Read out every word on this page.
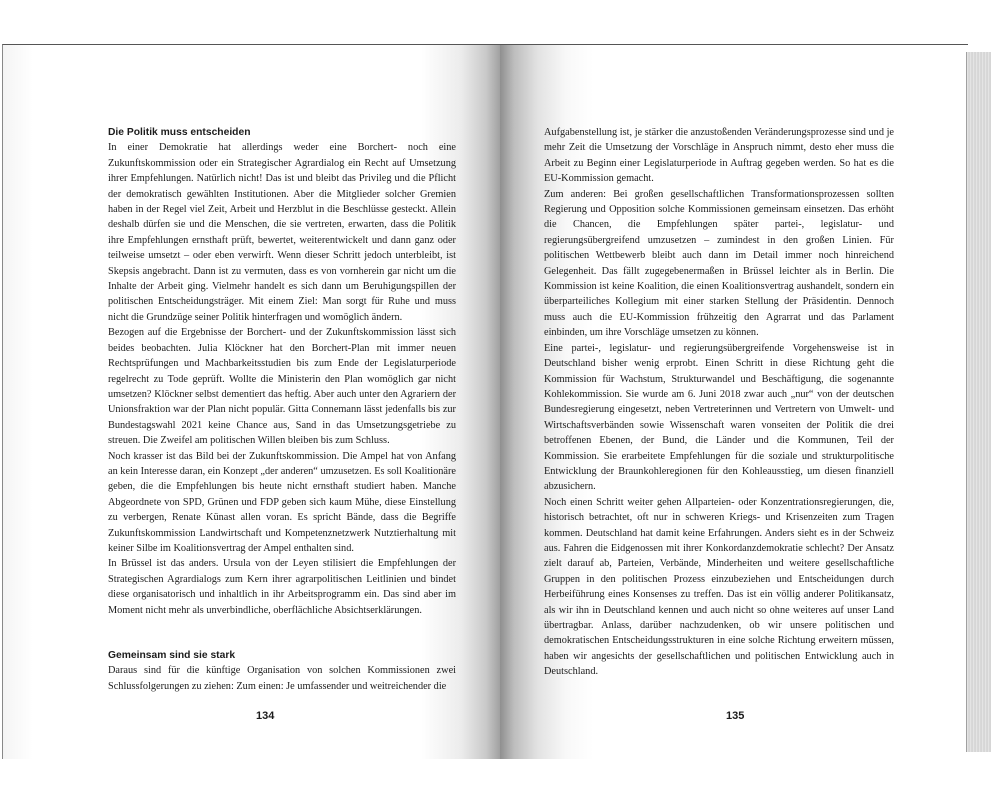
Die Politik muss entscheiden

In einer Demokratie hat allerdings weder eine Borchert- noch eine Zukunftskommission oder ein Strategischer Agrardialog ein Recht auf Umsetzung ihrer Empfehlungen. Natürlich nicht! Das ist und bleibt das Privileg und die Pflicht der demokratisch gewählten Institutionen. Aber die Mitglieder solcher Gremien haben in der Regel viel Zeit, Arbeit und Herzblut in die Beschlüsse gesteckt. Allein deshalb dürfen sie und die Menschen, die sie vertreten, erwarten, dass die Politik ihre Empfehlungen ernsthaft prüft, bewertet, weiterentwickelt und dann ganz oder teilweise umsetzt – oder eben verwirft. Wenn dieser Schritt jedoch unterbleibt, ist Skepsis angebracht. Dann ist zu vermuten, dass es von vornherein gar nicht um die Inhalte der Arbeit ging. Vielmehr handelt es sich dann um Beruhigungspillen der politischen Entscheidungsträger. Mit einem Ziel: Man sorgt für Ruhe und muss nicht die Grundzüge seiner Politik hinterfragen und womöglich ändern.

Bezogen auf die Ergebnisse der Borchert- und der Zukunftskommission lässt sich beides beobachten. Julia Klöckner hat den Borchert-Plan mit immer neuen Rechtsprüfungen und Machbarkeitsstudien bis zum Ende der Legislaturperiode regelrecht zu Tode geprüft. Wollte die Ministerin den Plan womöglich gar nicht umsetzen? Klöckner selbst dementiert das heftig. Aber auch unter den Agrariern der Unionsfraktion war der Plan nicht populär. Gitta Connemann lässt jedenfalls bis zur Bundestagswahl 2021 keine Chance aus, Sand in das Umsetzungsgetriebe zu streuen. Die Zweifel am politischen Willen bleiben bis zum Schluss.

Noch krasser ist das Bild bei der Zukunftskommission. Die Ampel hat von Anfang an kein Interesse daran, ein Konzept „der anderen“ umzusetzen. Es soll Koalitionäre geben, die die Empfehlungen bis heute nicht ernsthaft studiert haben. Manche Abgeordnete von SPD, Grünen und FDP geben sich kaum Mühe, diese Einstellung zu verbergen, Renate Künast allen voran. Es spricht Bände, dass die Begriffe Zukunftskommission Landwirtschaft und Kompetenznetzwerk Nutztierhaltung mit keiner Silbe im Koalitionsvertrag der Ampel enthalten sind.

In Brüssel ist das anders. Ursula von der Leyen stilisiert die Empfehlungen der Strategischen Agrardialogs zum Kern ihrer agrarpolitischen Leitlinien und bindet diese organisatorisch und inhaltlich in ihr Arbeitsprogramm ein. Das sind aber im Moment nicht mehr als unverbindliche, oberflächliche Absichtserklärungen.

Gemeinsam sind sie stark

Daraus sind für die künftige Organisation von solchen Kommissionen zwei Schlussfolgerungen zu ziehen: Zum einen: Je umfassender und weitreichender die

Aufgabenstellung ist, je stärker die anzustoßenden Veränderungsprozesse sind und je mehr Zeit die Umsetzung der Vorschläge in Anspruch nimmt, desto eher muss die Arbeit zu Beginn einer Legislaturperiode in Auftrag gegeben werden. So hat es die EU-Kommission gemacht.

Zum anderen: Bei großen gesellschaftlichen Transformationsprozessen sollten Regierung und Opposition solche Kommissionen gemeinsam einsetzen. Das erhöht die Chancen, die Empfehlungen später partei-, legislatur- und regierungsübergreifend umzusetzen – zumindest in den großen Linien. Für politischen Wettbewerb bleibt auch dann im Detail immer noch hinreichend Gelegenheit. Das fällt zugegebenermaßen in Brüssel leichter als in Berlin. Die Kommission ist keine Koalition, die einen Koalitionsvertrag aushandelt, sondern ein überparteiliches Kollegium mit einer starken Stellung der Präsidentin. Dennoch muss auch die EU-Kommission frühzeitig den Agrarrat und das Parlament einbinden, um ihre Vorschläge umsetzen zu können.

Eine partei-, legislatur- und regierungsübergreifende Vorgehensweise ist in Deutschland bisher wenig erprobt. Einen Schritt in diese Richtung geht die Kommission für Wachstum, Strukturwandel und Beschäftigung, die sogenannte Kohlekommission. Sie wurde am 6. Juni 2018 zwar auch „nur“ von der deutschen Bundesregierung eingesetzt, neben Vertreterinnen und Vertretern von Umwelt- und Wirtschaftsverbänden sowie Wissenschaft waren vonseiten der Politik die drei betroffenen Ebenen, der Bund, die Länder und die Kommunen, Teil der Kommission. Sie erarbeitete Empfehlungen für die soziale und strukturpolitische Entwicklung der Braunkohleregionen für den Kohleausstieg, um diesen finanziell abzusichern.

Noch einen Schritt weiter gehen Allparteien- oder Konzentrationsregierungen, die, historisch betrachtet, oft nur in schweren Kriegs- und Krisenzeiten zum Tragen kommen. Deutschland hat damit keine Erfahrungen. Anders sieht es in der Schweiz aus. Fahren die Eidgenossen mit ihrer Konkordanzdemokratie schlecht? Der Ansatz zielt darauf ab, Parteien, Verbände, Minderheiten und weitere gesellschaftliche Gruppen in den politischen Prozess einzubeziehen und Entscheidungen durch Herbeiführung eines Konsenses zu treffen. Das ist ein völlig anderer Politikansatz, als wir ihn in Deutschland kennen und auch nicht so ohne weiteres auf unser Land übertragbar. Anlass, darüber nachzudenken, ob wir unsere politischen und demokratischen Entscheidungsstrukturen in eine solche Richtung erweitern müssen, haben wir angesichts der gesellschaftlichen und politischen Entwicklung auch in Deutschland.

134	135
